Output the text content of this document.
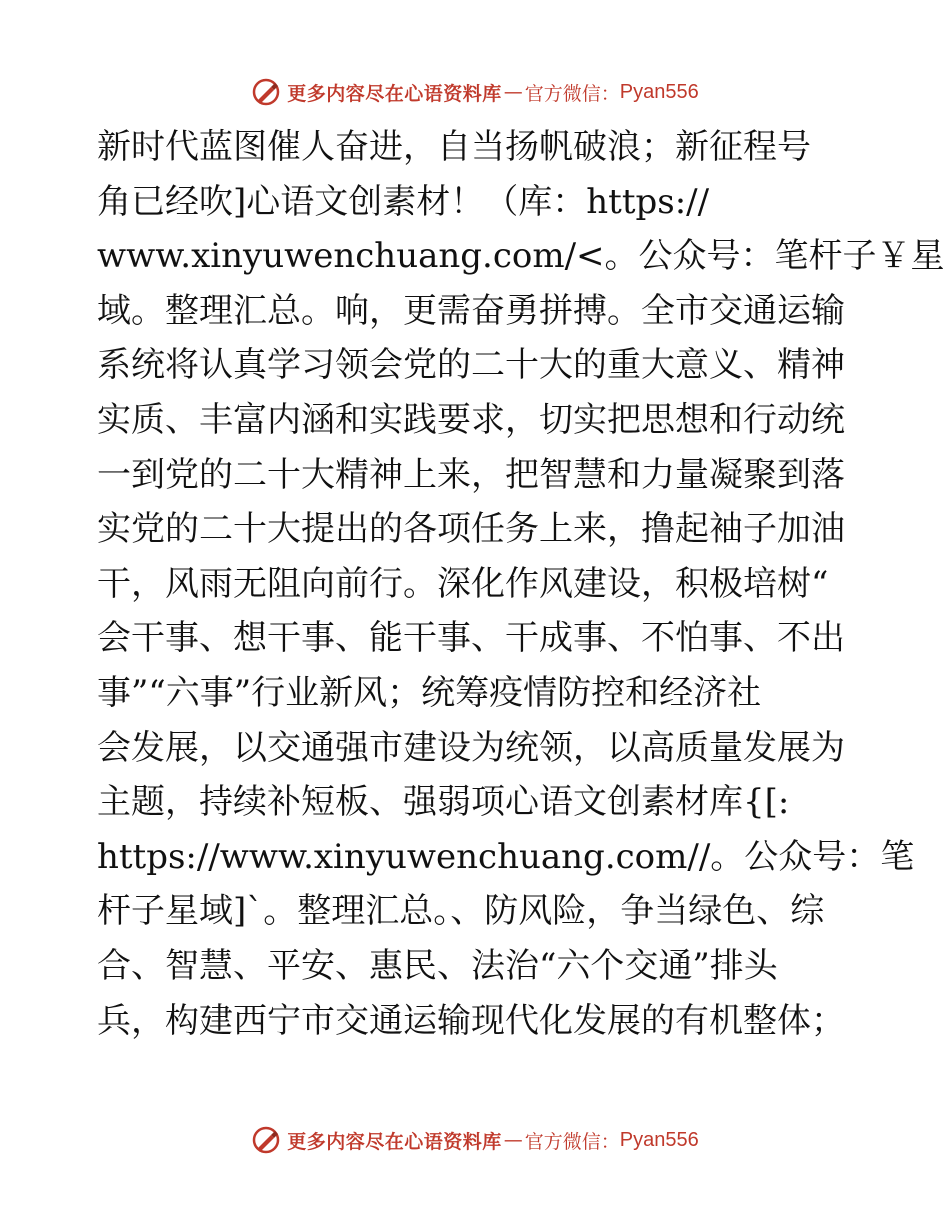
更多内容尽在心语资料库 — 官方微信： Pyan556
新时代蓝图催人奋进，自当扬帆破浪；新征程号
角已经吹]心语文创素材！（库：https://
www.xinyuwenchuang.com/<。公众号：笔杆子￥星
域。整理汇总。响，更需奋勇拼搏。全市交通运输
系统将认真学习领会党的二十大的重大意义、精神
实质、丰富内涵和实践要求，切实把思想和行动统
一到党的二十大精神上来，把智慧和力量凝聚到落
实党的二十大提出的各项任务上来，撸起袖子加油
干，风雨无阻向前行。深化作风建设，积极培树“
会干事、想干事、能干事、干成事、不怕事、不出
事”“六事”行业新风；统筹疫情防控和经济社
会发展，以交通强市建设为统领，以高质量发展为
主题，持续补短板、强弱项心语文创素材库{[:
https://www.xinyuwenchuang.com//。公众号：笔
杆子星域]`。整理汇总。、防风险，争当绿色、综
合、智慧、平安、惠民、法治“六个交通”排头
兵，构建西宁市交通运输现代化发展的有机整体；
更多内容尽在心语资料库 — 官方微信： Pyan556
